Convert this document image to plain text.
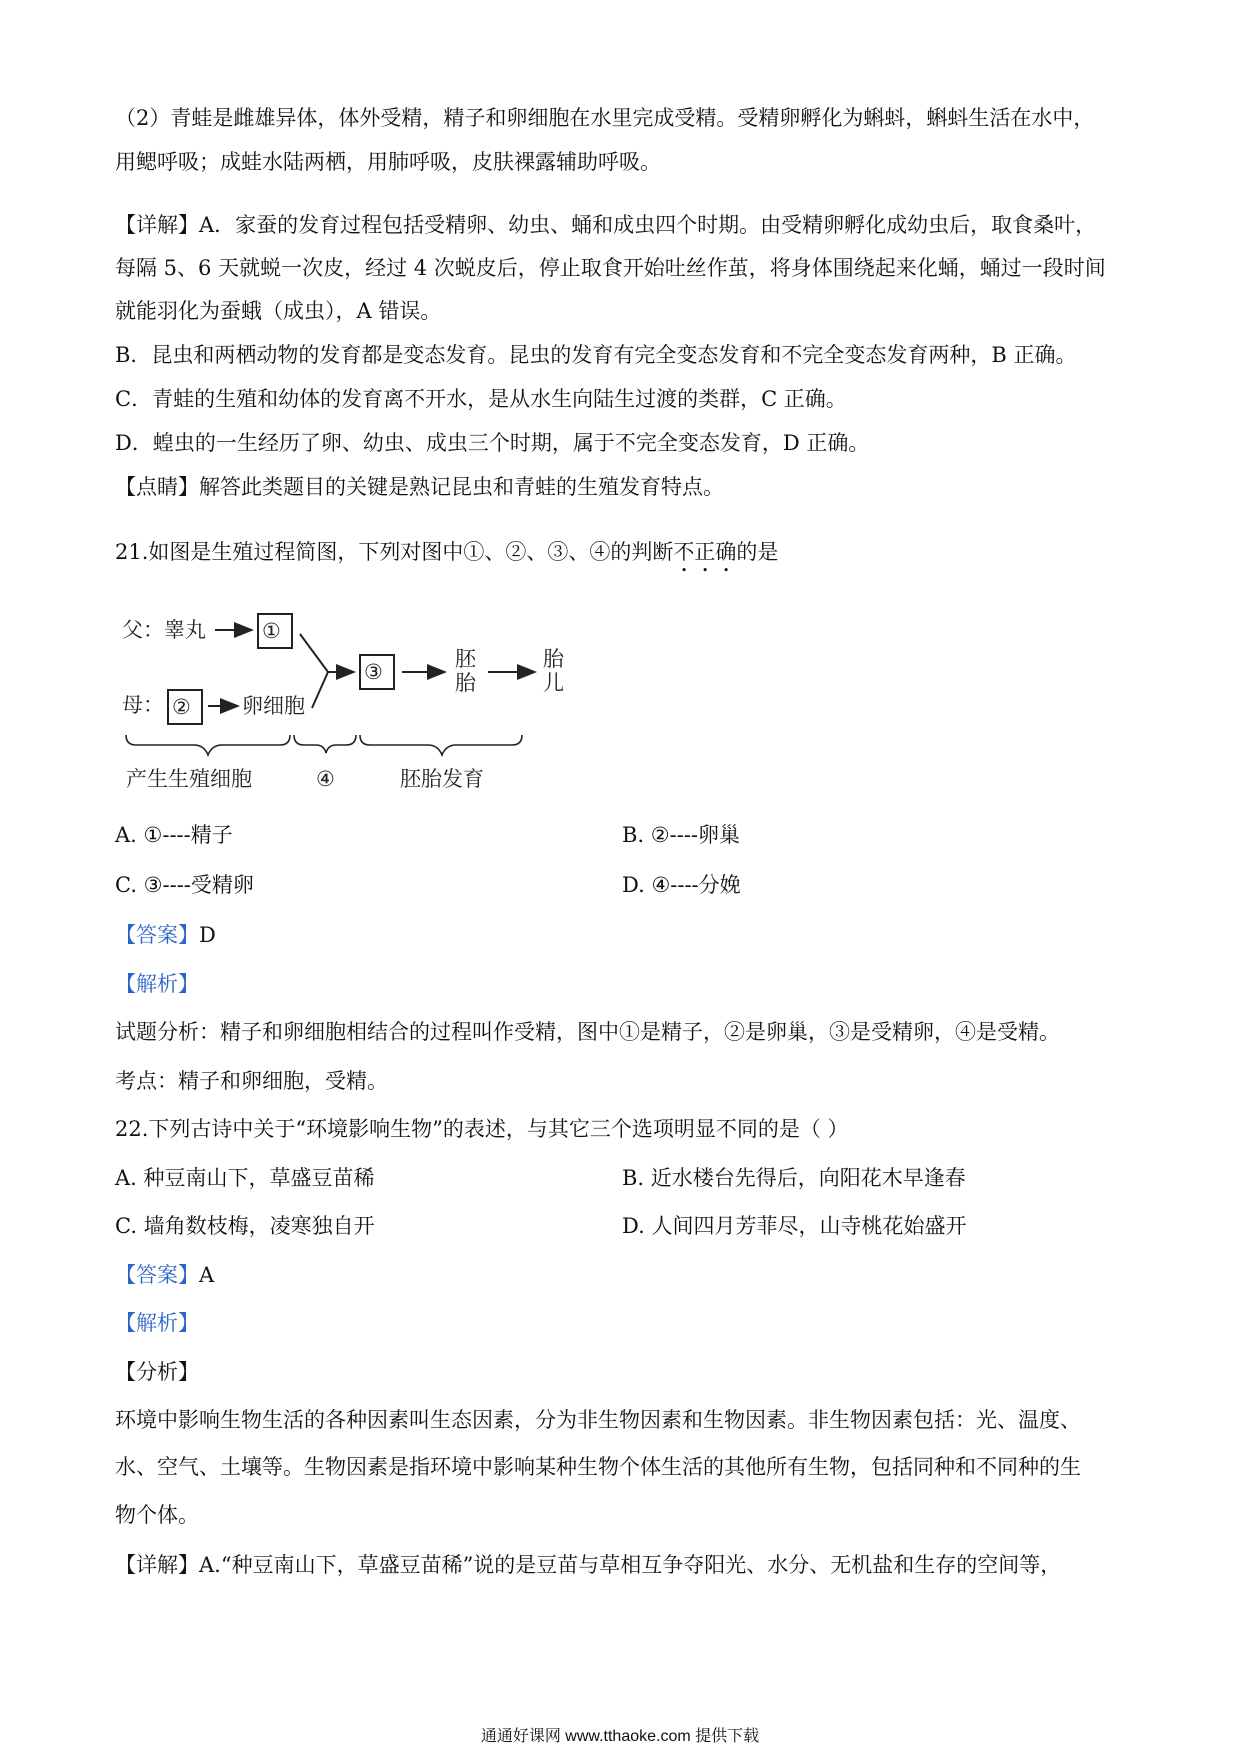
（2）青蛙是雌雄异体，体外受精，精子和卵细胞在水里完成受精。受精卵孵化为蝌蚪，蝌蚪生活在水中，
用鳃呼吸；成蛙水陆两栖，用肺呼吸，皮肤裸露辅助呼吸。
【详解】A．家蚕的发育过程包括受精卵、幼虫、蛹和成虫四个时期。由受精卵孵化成幼虫后，取食桑叶，
每隔 5、6 天就蜕一次皮，经过 4 次蜕皮后，停止取食开始吐丝作茧，将身体围绕起来化蛹，蛹过一段时间
就能羽化为蚕蛾（成虫），A 错误。
B．昆虫和两栖动物的发育都是变态发育。昆虫的发育有完全变态发育和不完全变态发育两种，B 正确。
C．青蛙的生殖和幼体的发育离不开水，是从水生向陆生过渡的类群，C 正确。
D．蝗虫的一生经历了卵、幼虫、成虫三个时期，属于不完全变态发育，D 正确。
【点睛】解答此类题目的关键是熟记昆虫和青蛙的生殖发育特点。
21.如图是生殖过程简图，下列对图中①、②、③、④的判断不正确的是
父：睾丸	①
母： ② 卵细胞
③
胚
胎
胎
儿
产生生殖细胞	④	胚胎发育
A. ①----精子	B. ②----卵巢
C. ③----受精卵	D. ④----分娩
【答案】D
【解析】
试题分析：精子和卵细胞相结合的过程叫作受精，图中①是精子，②是卵巢，③是受精卵，④是受精。
考点：精子和卵细胞，受精。
22.下列古诗中关于“环境影响生物”的表述，与其它三个选项明显不同的是（ ）
A. 种豆南山下，草盛豆苗稀	B. 近水楼台先得后，向阳花木早逢春
C. 墙角数枝梅，凌寒独自开	D. 人间四月芳菲尽，山寺桃花始盛开
【答案】A
【解析】
【分析】
环境中影响生物生活的各种因素叫生态因素，分为非生物因素和生物因素。非生物因素包括：光、温度、
水、空气、土壤等。生物因素是指环境中影响某种生物个体生活的其他所有生物，包括同种和不同种的生
物个体。
【详解】A.“种豆南山下，草盛豆苗稀”说的是豆苗与草相互争夺阳光、水分、无机盐和生存的空间等，
通通好课网 www.tthaoke.com 提供下载
